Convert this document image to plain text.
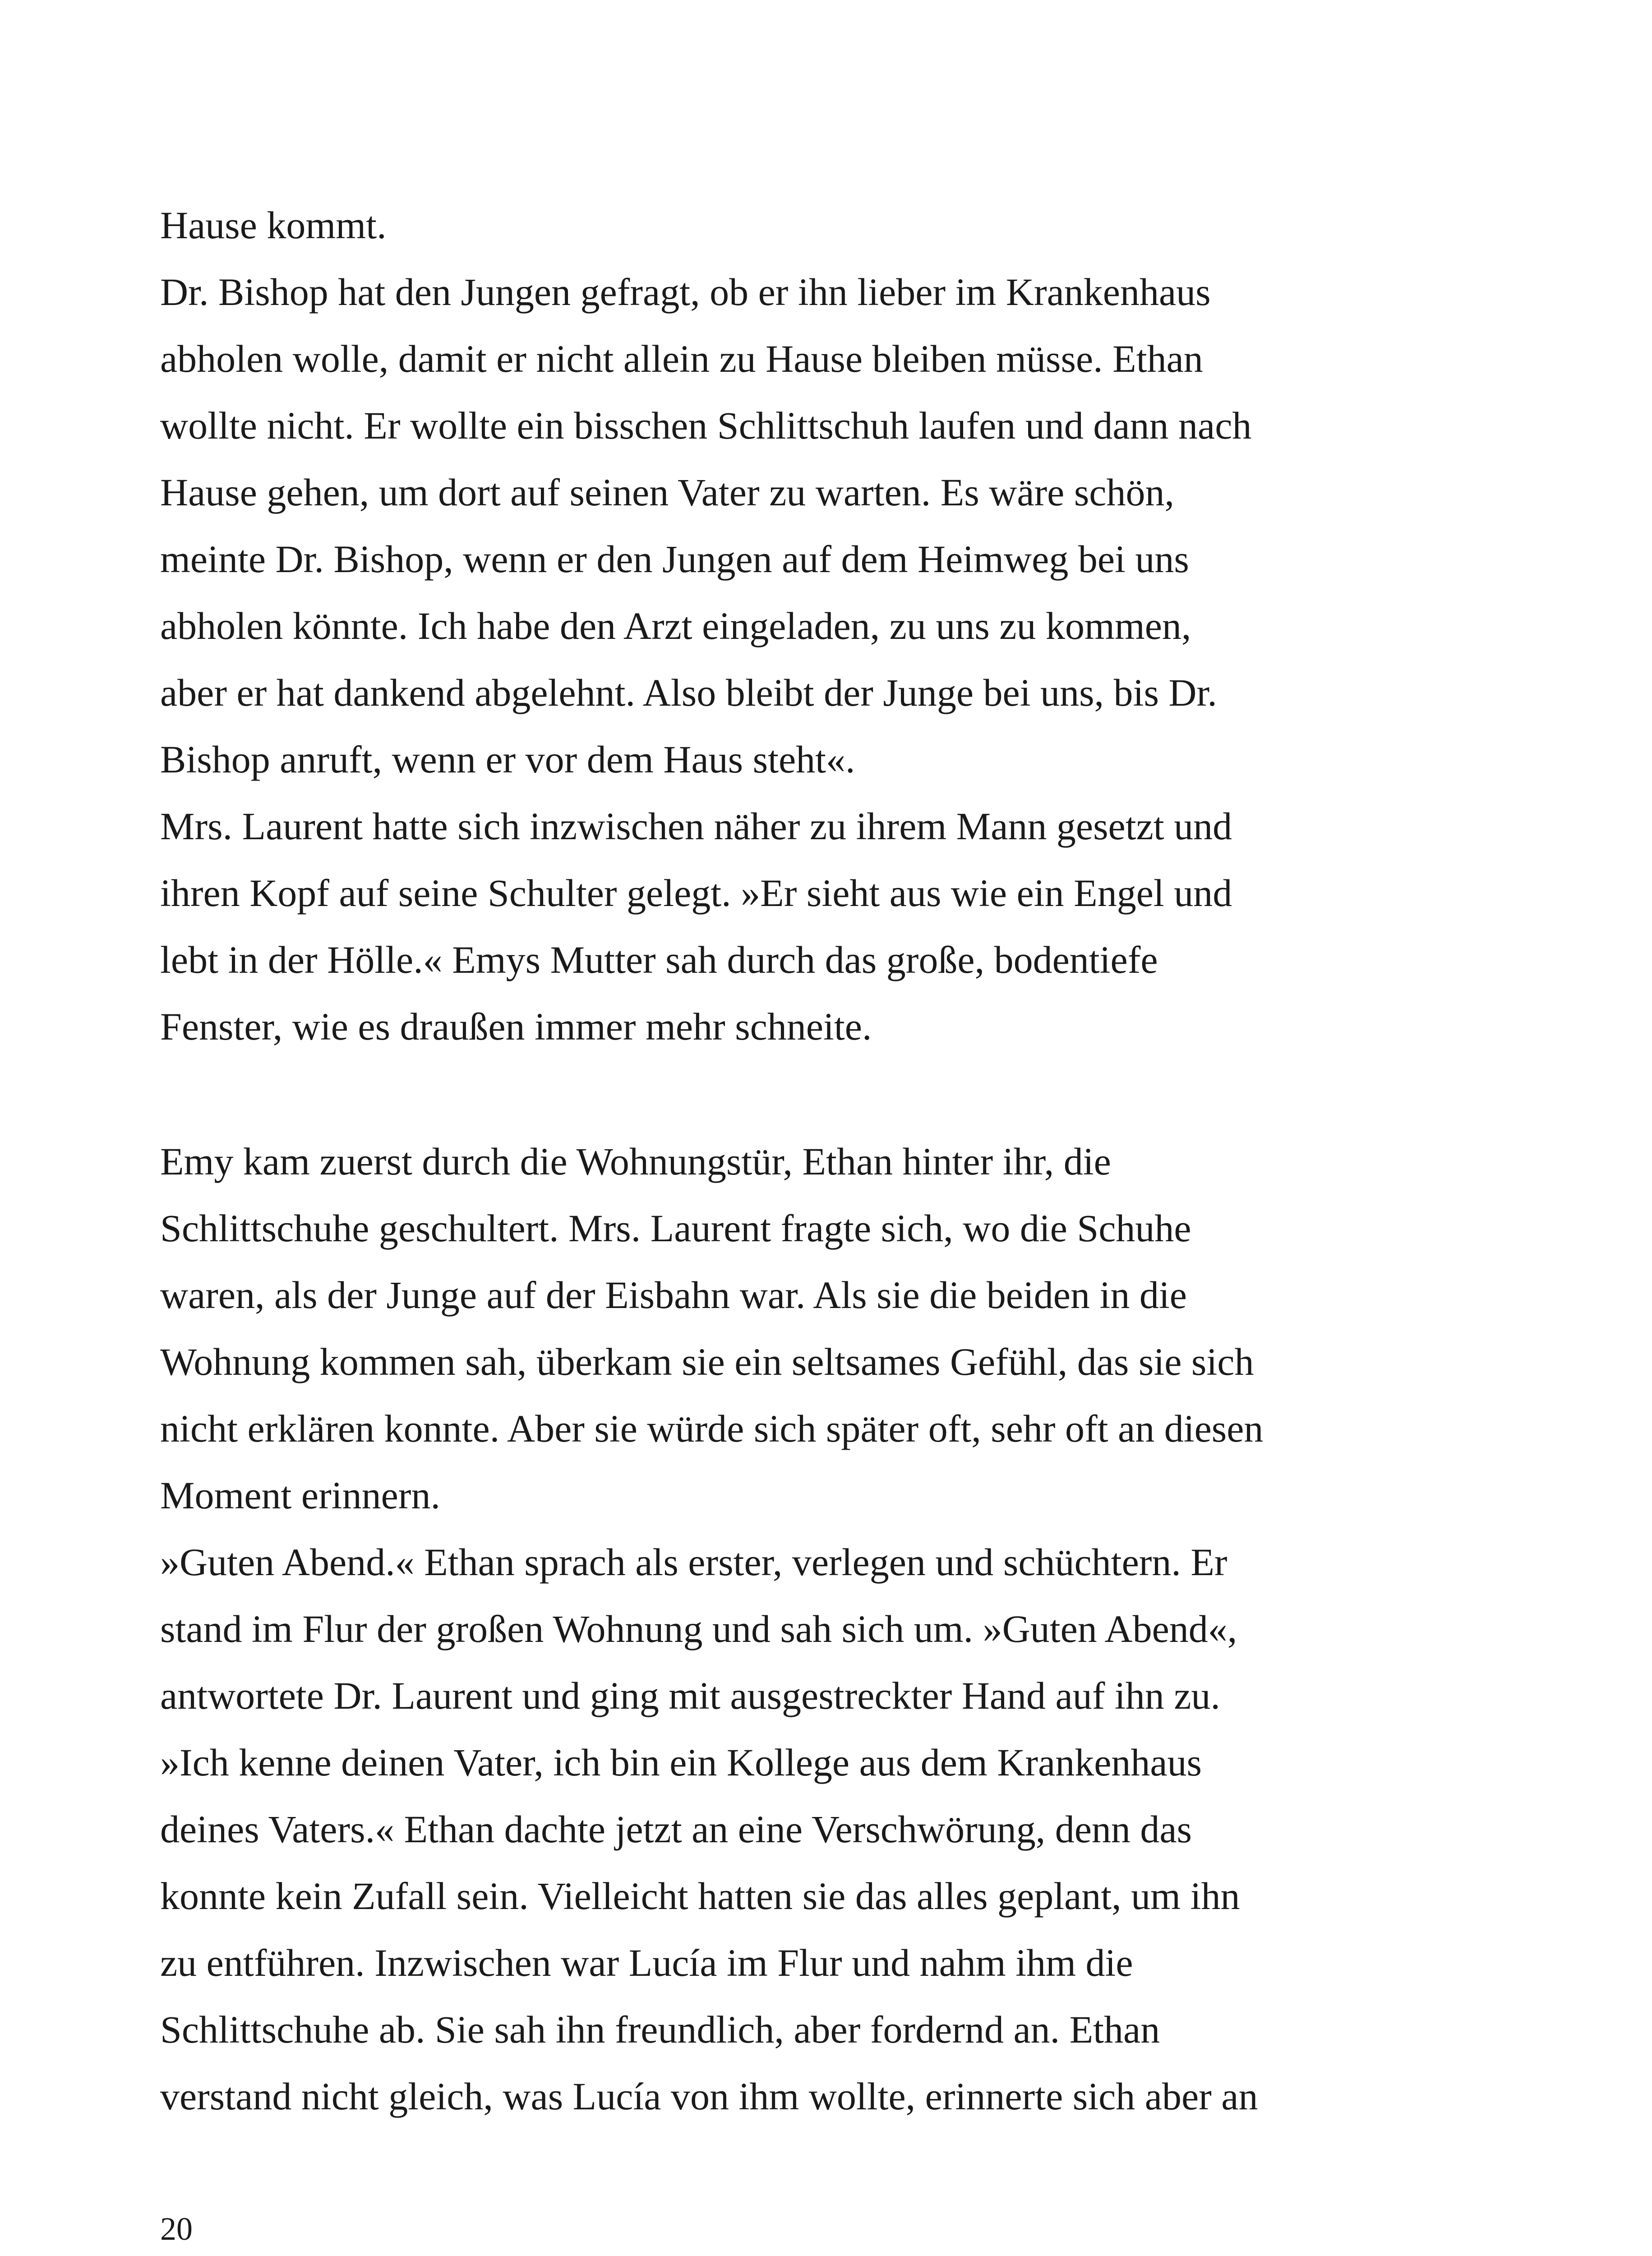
Hause kommt.
Dr. Bishop hat den Jungen gefragt, ob er ihn lieber im Krankenhaus
abholen wolle, damit er nicht allein zu Hause bleiben müsse. Ethan
wollte nicht. Er wollte ein bisschen Schlittschuh laufen und dann nach
Hause gehen, um dort auf seinen Vater zu warten. Es wäre schön,
meinte Dr. Bishop, wenn er den Jungen auf dem Heimweg bei uns
abholen könnte. Ich habe den Arzt eingeladen, zu uns zu kommen,
aber er hat dankend abgelehnt. Also bleibt der Junge bei uns, bis Dr.
Bishop anruft, wenn er vor dem Haus steht«.
Mrs. Laurent hatte sich inzwischen näher zu ihrem Mann gesetzt und
ihren Kopf auf seine Schulter gelegt. »Er sieht aus wie ein Engel und
lebt in der Hölle.« Emys Mutter sah durch das große, bodentiefe
Fenster, wie es draußen immer mehr schneite.
Emy kam zuerst durch die Wohnungstür, Ethan hinter ihr, die
Schlittschuhe geschultert. Mrs. Laurent fragte sich, wo die Schuhe
waren, als der Junge auf der Eisbahn war. Als sie die beiden in die
Wohnung kommen sah, überkam sie ein seltsames Gefühl, das sie sich
nicht erklären konnte. Aber sie würde sich später oft, sehr oft an diesen
Moment erinnern.
»Guten Abend.« Ethan sprach als erster, verlegen und schüchtern. Er
stand im Flur der großen Wohnung und sah sich um. »Guten Abend«,
antwortete Dr. Laurent und ging mit ausgestreckter Hand auf ihn zu.
»Ich kenne deinen Vater, ich bin ein Kollege aus dem Krankenhaus
deines Vaters.« Ethan dachte jetzt an eine Verschwörung, denn das
konnte kein Zufall sein. Vielleicht hatten sie das alles geplant, um ihn
zu entführen. Inzwischen war Lucía im Flur und nahm ihm die
Schlittschuhe ab. Sie sah ihn freundlich, aber fordernd an. Ethan
verstand nicht gleich, was Lucía von ihm wollte, erinnerte sich aber an
20
